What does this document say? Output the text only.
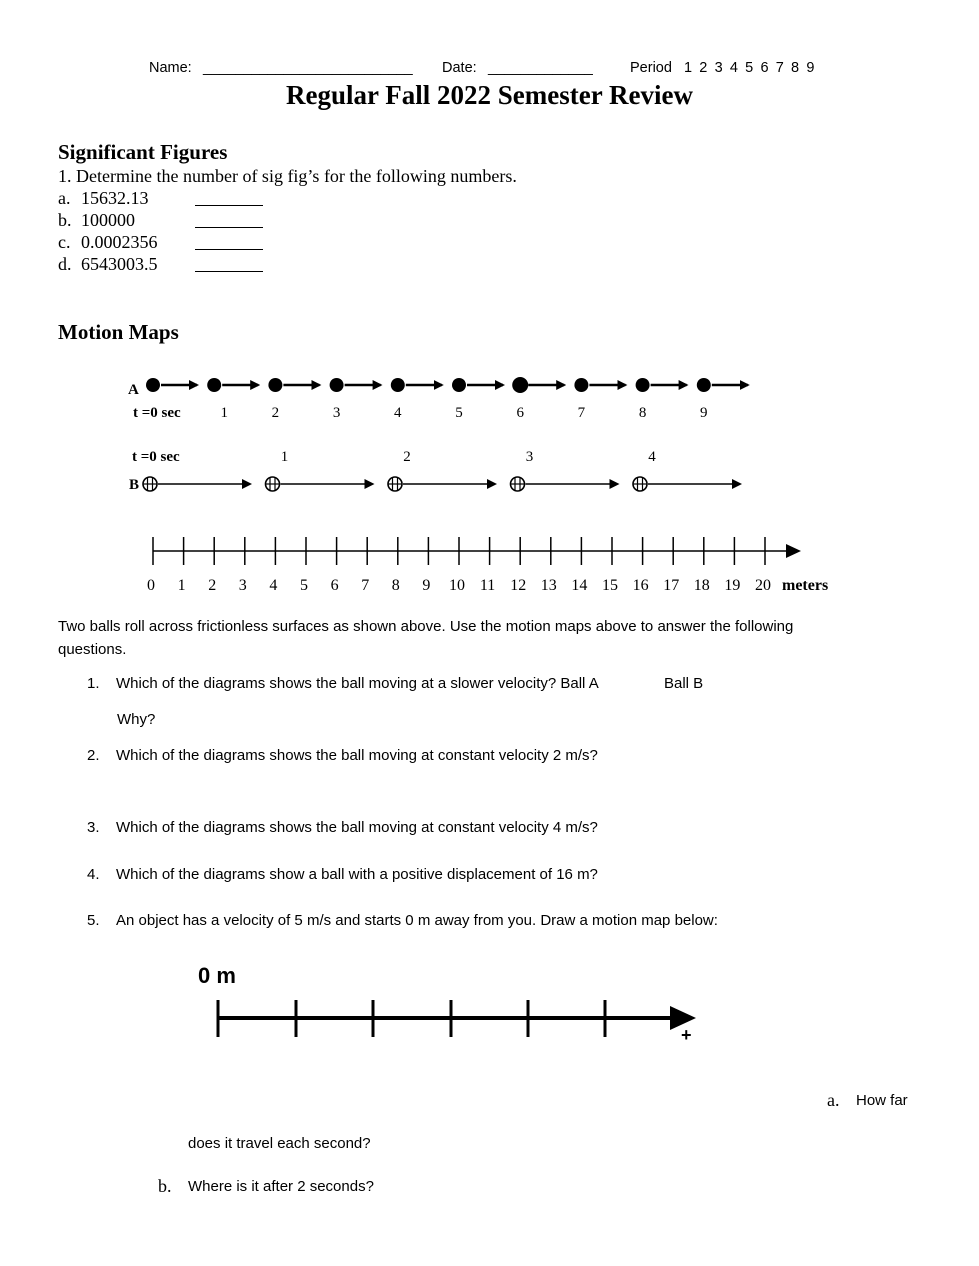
Name: __________________________ Date: _____________	Period 1 2 3 4 5 6 7 8 9
Regular Fall 2022 Semester Review
Significant Figures
1. Determine the number of sig fig’s for the following numbers.
a. 15632.13
b. 100000
c. 0.0002356
d. 6543003.5
Motion Maps
A
t =0 sec	1	2	3	4	5	6	7	8	9
t =0 sec
B
1	2	3	4
0 1 2 3 4 5 6 7 8 9 10 11 12 13 14 15 16 17 18 19 20 meters
Two balls roll across frictionless surfaces as shown above. Use the motion maps above to answer the following questions.
1. Which of the diagrams shows the ball moving at a slower velocity? Ball A	Ball B
Why?
2. Which of the diagrams shows the ball moving at constant velocity 2 m/s?
3. Which of the diagrams shows the ball moving at constant velocity 4 m/s?
4. Which of the diagrams show a ball with a positive displacement of 16 m?
5. An object has a velocity of 5 m/s and starts 0 m away from you. Draw a motion map below:
0 m
+
a. How far
does it travel each second?
b. Where is it after 2 seconds?
